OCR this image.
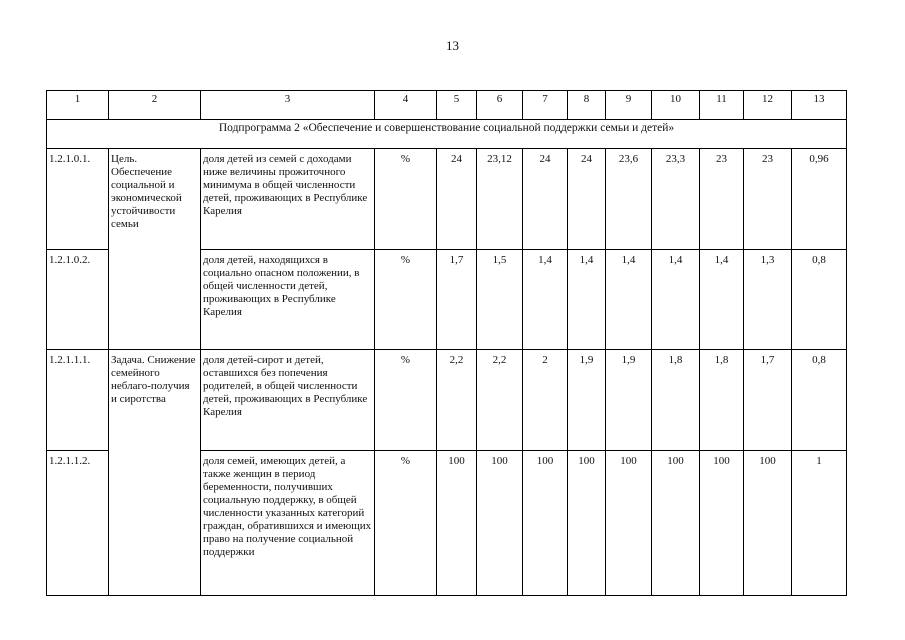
13
1	2	3	4	5	6	7	8	9	10	11	12	13
Подпрограмма 2 «Обеспечение и совершенствование социальной поддержки семьи и детей»												
1.2.1.0.1.	Цель. Обеспечение социальной и экономической устойчивости семьи	доля детей из семей с доходами ниже величины прожиточного минимума в общей численности детей, проживающих в Республике Карелия	%	24	23,12	24	24	23,6	23,3	23	23	0,96
1.2.1.0.2.		доля детей, находящихся в социально опасном положении, в общей численности детей, проживающих в Республике Карелия	%	1,7	1,5	1,4	1,4	1,4	1,4	1,4	1,3	0,8
1.2.1.1.1.	Задача. Снижение семейного неблаго-получия и сиротства	доля детей-сирот и детей, оставшихся без попечения родителей, в общей численности детей, проживающих в Республике Карелия	%	2,2	2,2	2	1,9	1,9	1,8	1,8	1,7	0,8
1.2.1.1.2.		доля семей, имеющих детей, а также женщин в период беременности, получивших социальную поддержку, в общей численности указанных категорий граждан, обратившихся и имеющих право на получение социальной поддержки	%	100	100	100	100	100	100	100	100	1
